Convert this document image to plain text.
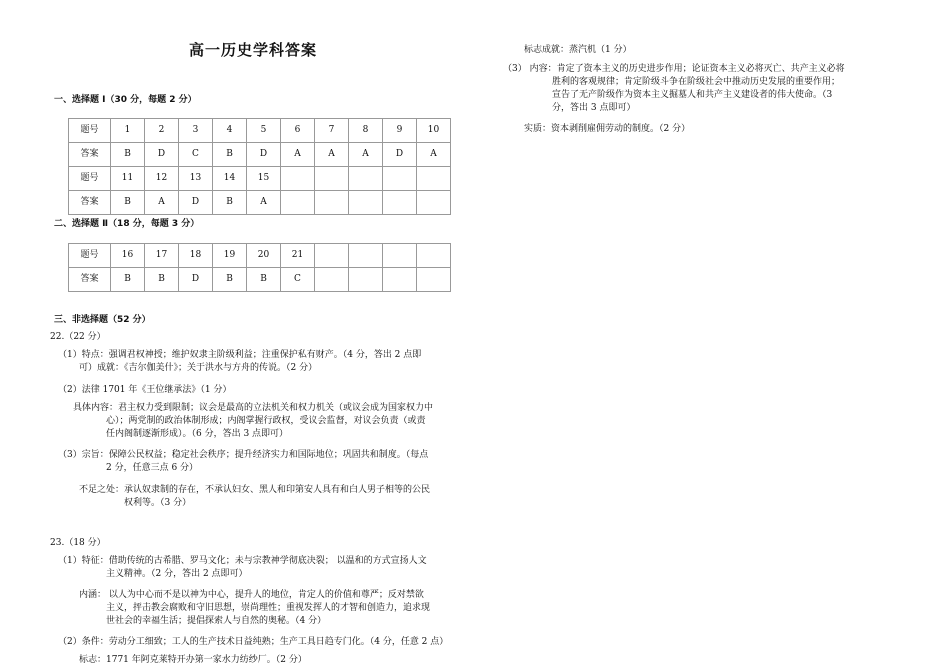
高一历史学科答案
一、选择题 Ⅰ（30 分，每题 2 分）
题号	1	2	3	4	5	6	7	8	9	10
答案	B	D	C	B	D	A	A	A	D	A
题号	11	12	13	14	15					
答案	B	A	D	B	A					
二、选择题 Ⅱ（18 分，每题 3 分）
题号	16	17	18	19	20	21				
答案	B	B	D	B	B	C				
三、非选择题（52 分）
22.（22 分）
（1）特点：强调君权神授；维护奴隶主阶级利益；注重保护私有财产。（4 分，答出 2 点即
可）成就：《吉尔伽美什》；关于洪水与方舟的传说。（2 分）
（2）法律 1701 年《王位继承法》（1 分）
具体内容：君主权力受到限制；议会是最高的立法机关和权力机关（或议会成为国家权力中
心）；两党制的政治体制形成；内阁掌握行政权，受议会监督，对议会负责（或责
任内阁制逐渐形成）。（6 分，答出 3 点即可）
（3）宗旨：保障公民权益；稳定社会秩序；提升经济实力和国际地位；巩固共和制度。（每点
2 分，任意三点 6 分）
不足之处：承认奴隶制的存在，不承认妇女、黑人和印第安人具有和白人男子相等的公民
权利等。（3 分）
23.（18 分）
（1）特征：借助传统的古希腊、罗马文化；未与宗教神学彻底决裂； 以温和的方式宣扬人文
主义精神。（2 分，答出 2 点即可）
内涵： 以人为中心而不是以神为中心，提升人的地位，肯定人的价值和尊严；反对禁欲
主义，抨击教会腐败和守旧思想，崇尚理性；重视发挥人的才智和创造力，追求现
世社会的幸福生活；提倡探索人与自然的奥秘。（4 分）
（2）条件：劳动分工细致；工人的生产技术日益纯熟；生产工具日趋专门化。（4 分，任意 2 点）
标志：1771 年阿克莱特开办第一家水力纺纱厂。（2 分）
标志成就：蒸汽机（1 分）
（3） 内容：肯定了资本主义的历史进步作用；论证资本主义必将灭亡、共产主义必将
胜利的客观规律；肯定阶级斗争在阶级社会中推动历史发展的重要作用；
宣告了无产阶级作为资本主义掘墓人和共产主义建设者的伟大使命。（3
分，答出 3 点即可）
实质：资本剥削雇佣劳动的制度。（2 分）
